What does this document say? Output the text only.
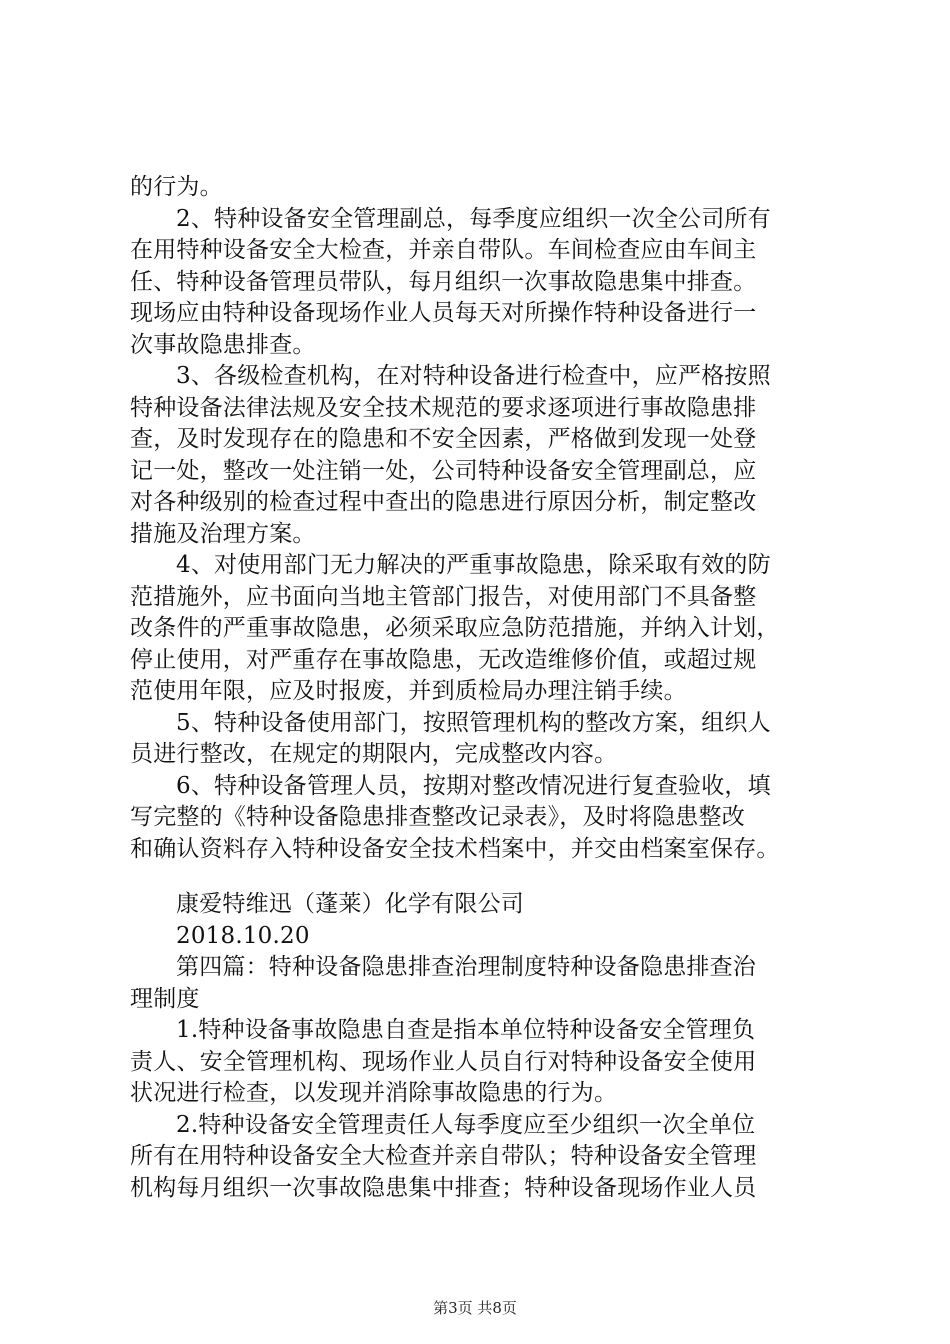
的行为。
2、特种设备安全管理副总，每季度应组织一次全公司所有
在用特种设备安全大检查，并亲自带队。车间检查应由车间主
任、特种设备管理员带队，每月组织一次事故隐患集中排查。
现场应由特种设备现场作业人员每天对所操作特种设备进行一
次事故隐患排查。
3、各级检查机构，在对特种设备进行检查中，应严格按照
特种设备法律法规及安全技术规范的要求逐项进行事故隐患排
查，及时发现存在的隐患和不安全因素，严格做到发现一处登
记一处，整改一处注销一处，公司特种设备安全管理副总，应
对各种级别的检查过程中查出的隐患进行原因分析，制定整改
措施及治理方案。
4、对使用部门无力解决的严重事故隐患，除采取有效的防
范措施外，应书面向当地主管部门报告，对使用部门不具备整
改条件的严重事故隐患，必须采取应急防范措施，并纳入计划，
停止使用，对严重存在事故隐患，无改造维修价值，或超过规
范使用年限，应及时报废，并到质检局办理注销手续。
5、特种设备使用部门，按照管理机构的整改方案，组织人
员进行整改，在规定的期限内，完成整改内容。
6、特种设备管理人员，按期对整改情况进行复查验收，填
写完整的《特种设备隐患排查整改记录表》，及时将隐患整改
和确认资料存入特种设备安全技术档案中，并交由档案室保存。
康爱特维迅（蓬莱）化学有限公司
2018.10.20
第四篇：特种设备隐患排查治理制度特种设备隐患排查治
理制度
1.特种设备事故隐患自查是指本单位特种设备安全管理负
责人、安全管理机构、现场作业人员自行对特种设备安全使用
状况进行检查，以发现并消除事故隐患的行为。
2.特种设备安全管理责任人每季度应至少组织一次全单位
所有在用特种设备安全大检查并亲自带队；特种设备安全管理
机构每月组织一次事故隐患集中排查；特种设备现场作业人员
第3页 共8页
